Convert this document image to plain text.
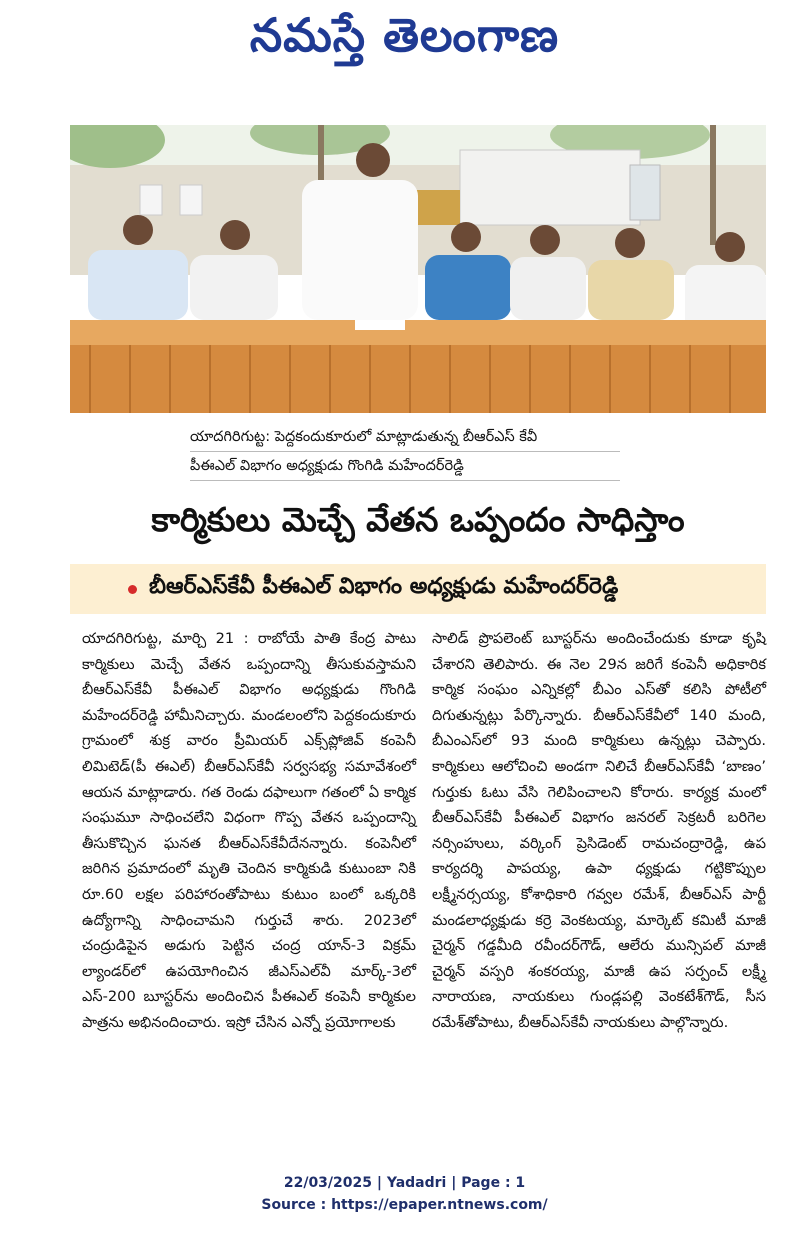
నమస్తే తెలంగాణ
యాదగిరిగుట్ట: పెద్దకందుకూరులో మాట్లాడుతున్న బీఆర్‌ఎస్ కేవీ
పీఈఎల్ విభాగం అధ్యక్షుడు గొంగిడి మహేందర్‌రెడ్డి
కార్మికులు మెచ్చే వేతన ఒప్పందం సాధిస్తాం
బీఆర్‌ఎస్‌కేవీ పీఈఎల్ విభాగం అధ్యక్షుడు మహేందర్‌రెడ్డి

యాదగిరిగుట్ట, మార్చి 21 : రాబోయే పాతి కేంద్ర పాటు కార్మికులు మెచ్చే వేతన ఒప్పందాన్ని తీసుకువస్తామని బీఆర్‌ఎస్‌కేవీ పీఈఎల్ విభాగం అధ్యక్షుడు గొంగిడి మహేందర్‌రెడ్డి హామీనిచ్చారు. మండలంలోని పెద్దకందుకూరు గ్రామంలో శుక్ర వారం ప్రీమియర్ ఎక్స్‌ప్లోజివ్ కంపెనీ లిమిటెడ్(పీ ఈఎల్) బీఆర్‌ఎస్‌కేవీ సర్వసభ్య సమావేశంలో ఆయన మాట్లాడారు. గత రెండు దఫాలుగా గతంలో ఏ కార్మిక సంఘమూ సాధించలేని విధంగా గొప్ప వేతన ఒప్పందాన్ని తీసుకొచ్చిన ఘనత బీఆర్‌ఎస్‌కేవీదేనన్నారు. కంపెనీలో జరిగిన ప్రమాదంలో మృతి చెందిన కార్మికుడి కుటుంబా నికి రూ.60 లక్షల పరిహారంతోపాటు కుటుం బంలో ఒక్కరికి ఉద్యోగాన్ని సాధించామని గుర్తుచే శారు. 2023లో చంద్రుడిపైన అడుగు పెట్టిన చంద్ర యాన్-3 విక్రమ్ ల్యాండర్‌లో ఉపయోగించిన జీఎస్‌ఎల్‌వీ మార్క్-3లో ఎస్-200 బూస్టర్‌ను అందించిన పీఈఎల్ కంపెనీ కార్మికుల పాత్రను అభినందించారు. ఇస్రో చేసిన ఎన్నో ప్రయోగాలకు

సాలిడ్ ప్రొపలెంట్ బూస్టర్‌ను అందించేందుకు కూడా కృషి చేశారని తెలిపారు. ఈ నెల 29న జరిగే కంపెనీ అధికారిక కార్మిక సంఘం ఎన్నికల్లో బీఎం ఎస్‌తో కలిసి పోటీలో దిగుతున్నట్లు పేర్కొన్నారు. బీఆర్‌ఎస్‌కేవీలో 140 మంది, బీఎంఎస్‌లో 93 మంది కార్మికులు ఉన్నట్లు చెప్పారు. కార్మికులు ఆలోచించి అండగా నిలిచే బీఆర్‌ఎస్‌కేవీ ‘బాణం’ గుర్తుకు ఓటు వేసి గెలిపించాలని కోరారు. కార్యక్ర మంలో బీఆర్‌ఎస్‌కేవీ పీఈఎల్ విభాగం జనరల్ సెక్రటరీ బరిగెల నర్సింహులు, వర్కింగ్ ప్రెసిడెంట్ రామచంద్రారెడ్డి, ఉప కార్యదర్శి పాపయ్య, ఉపా ధ్యక్షుడు గట్టికొప్పుల లక్ష్మీనర్సయ్య, కోశాధికారి గవ్వల రమేశ్, బీఆర్‌ఎస్ పార్టీ మండలాధ్యక్షుడు కర్రె వెంకటయ్య, మార్కెట్ కమిటీ మాజీ చైర్మన్ గడ్డమీది రవీందర్‌గౌడ్, ఆలేరు మున్సిపల్ మాజీ చైర్మన్ వస్పరి శంకరయ్య, మాజీ ఉప సర్పంచ్ లక్ష్మీ నారాయణ, నాయకులు గుండ్లపల్లి వెంకటేశ్‌గౌడ్, సీస రమేశ్‌తోపాటు, బీఆర్‌ఎస్‌కేవీ నాయకులు పాల్గొన్నారు.

22/03/2025 | Yadadri | Page : 1
Source : https://epaper.ntnews.com/
